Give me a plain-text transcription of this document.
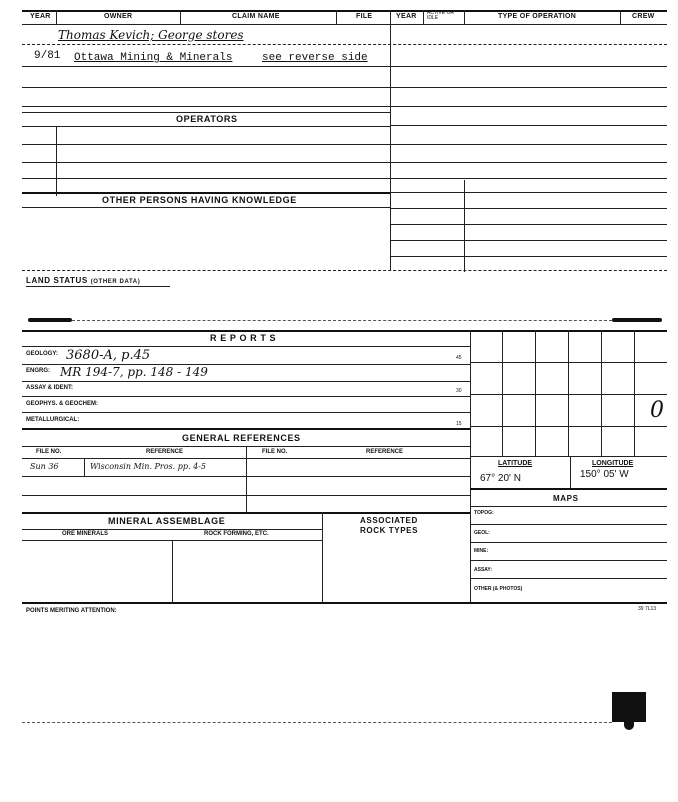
YEAR	OWNER	CLAIM NAME	FILE	YEAR ACTIVE OR IDLE	TYPE OF OPERATION	CREW
Thomas Kevich; George stores
9/81 Ottawa Mining & Minerals	see reverse side
OPERATORS
OTHER PERSONS HAVING KNOWLEDGE
LAND STATUS (OTHER DATA)
R E P O R T S
GEOLOGY: 3680-A, p.45
ENGRG: MR 194-7, pp. 148 - 149
ASSAY & IDENT:
GEOPHYS. & GEOCHEM:
METALLURGICAL:
45
30
15
GENERAL REFERENCES
FILE NO.	REFERENCE	FILE NO.	REFERENCE
Sun 36	Wisconsin Min. Pros. pp. 4-5
MINERAL ASSEMBLAGE	ASSOCIATED ROCK TYPES
ORE MINERALS	ROCK FORMING, ETC.
0
LATITUDE	LONGITUDE
67° 20' N	150° 05' W
MAPS
TOPOG:
GEOL:
MINE:
ASSAY:
OTHER (& PHOTOS)
POINTS MERITING ATTENTION:	39 7L13
